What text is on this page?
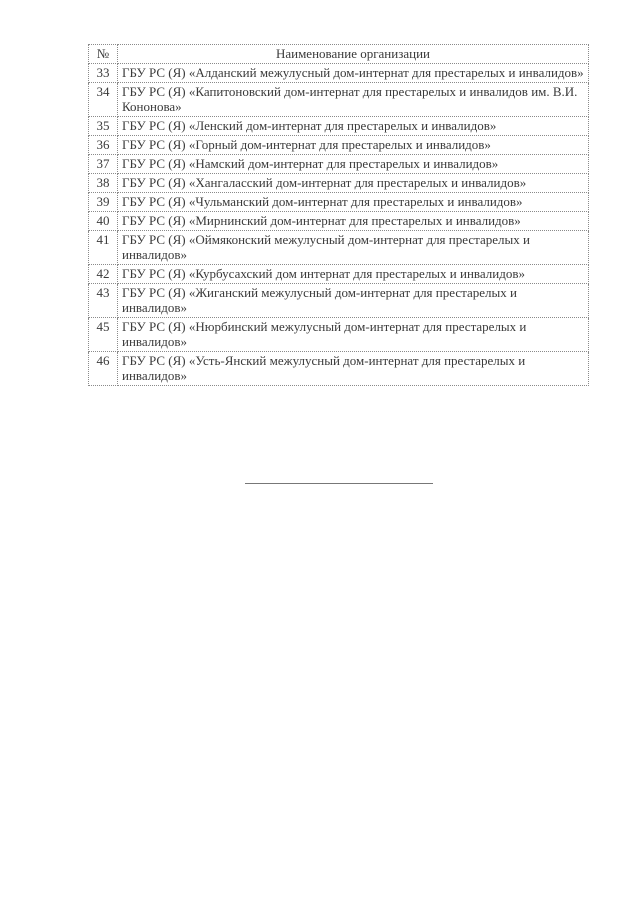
№	Наименование организации
33	ГБУ РС (Я) «Алданский межулусный дом-интернат для престарелых и инвалидов»
34	ГБУ РС (Я) «Капитоновский дом-интернат для престарелых и инвалидов им. В.И. Кононова»
35	ГБУ РС (Я) «Ленский дом-интернат для престарелых и инвалидов»
36	ГБУ РС (Я) «Горный дом-интернат для престарелых и инвалидов»
37	ГБУ РС (Я) «Намский дом-интернат для престарелых и инвалидов»
38	ГБУ РС (Я) «Хангаласский дом-интернат для престарелых и инвалидов»
39	ГБУ РС (Я) «Чульманский дом-интернат для престарелых и инвалидов»
40	ГБУ РС (Я) «Мирнинский дом-интернат для престарелых и инвалидов»
41	ГБУ РС (Я) «Оймяконский межулусный дом-интернат для престарелых и инвалидов»
42	ГБУ РС (Я) «Курбусахский дом интернат для престарелых и инвалидов»
43	ГБУ РС (Я) «Жиганский межулусный дом-интернат для престарелых и инвалидов»
45	ГБУ РС (Я) «Нюрбинский межулусный дом-интернат для престарелых и инвалидов»
46	ГБУ РС (Я) «Усть-Янский межулусный дом-интернат для престарелых и инвалидов»
